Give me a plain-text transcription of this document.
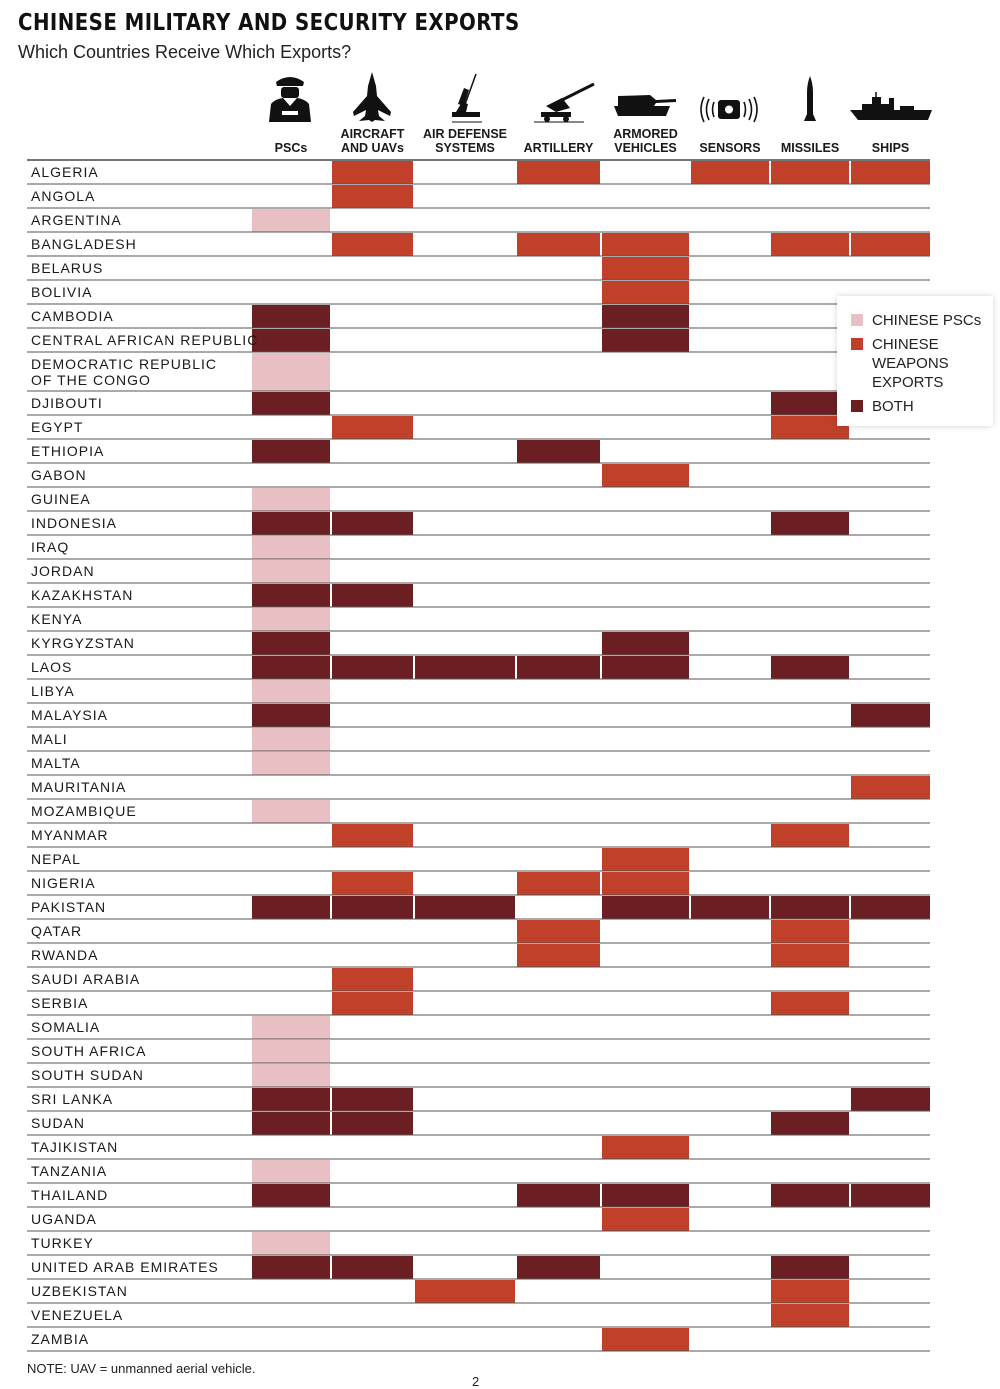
CHINESE MILITARY AND SECURITY EXPORTS
Which Countries Receive Which Exports?
ALGERIA
ANGOLA
ARGENTINA
BANGLADESH
BELARUS
BOLIVIA
CAMBODIA
CENTRAL AFRICAN REPUBLIC
DEMOCRATIC REPUBLIC OF THE CONGO
DJIBOUTI
EGYPT
ETHIOPIA
GABON
GUINEA
INDONESIA
IRAQ
JORDAN
KAZAKHSTAN
KENYA
KYRGYZSTAN
LAOS
LIBYA
MALAYSIA
MALI
MALTA
MAURITANIA
MOZAMBIQUE
MYANMAR
NEPAL
NIGERIA
PAKISTAN
QATAR
RWANDA
SAUDI ARABIA
SERBIA
SOMALIA
SOUTH AFRICA
SOUTH SUDAN
SRI LANKA
SUDAN
TAJIKISTAN
TANZANIA
THAILAND
UGANDA
TURKEY
UNITED ARAB EMIRATES
UZBEKISTAN
VENEZUELA
ZAMBIA
PSCs
AIRCRAFT AND UAVs
AIR DEFENSE SYSTEMS	ARTILLERY
ARMORED VEHICLES SENSORS MISSILES	SHIPS
CHINESE PSCs
CHINESE WEAPONS EXPORTS
BOTH
NOTE: UAV = unmanned aerial vehicle.
2
